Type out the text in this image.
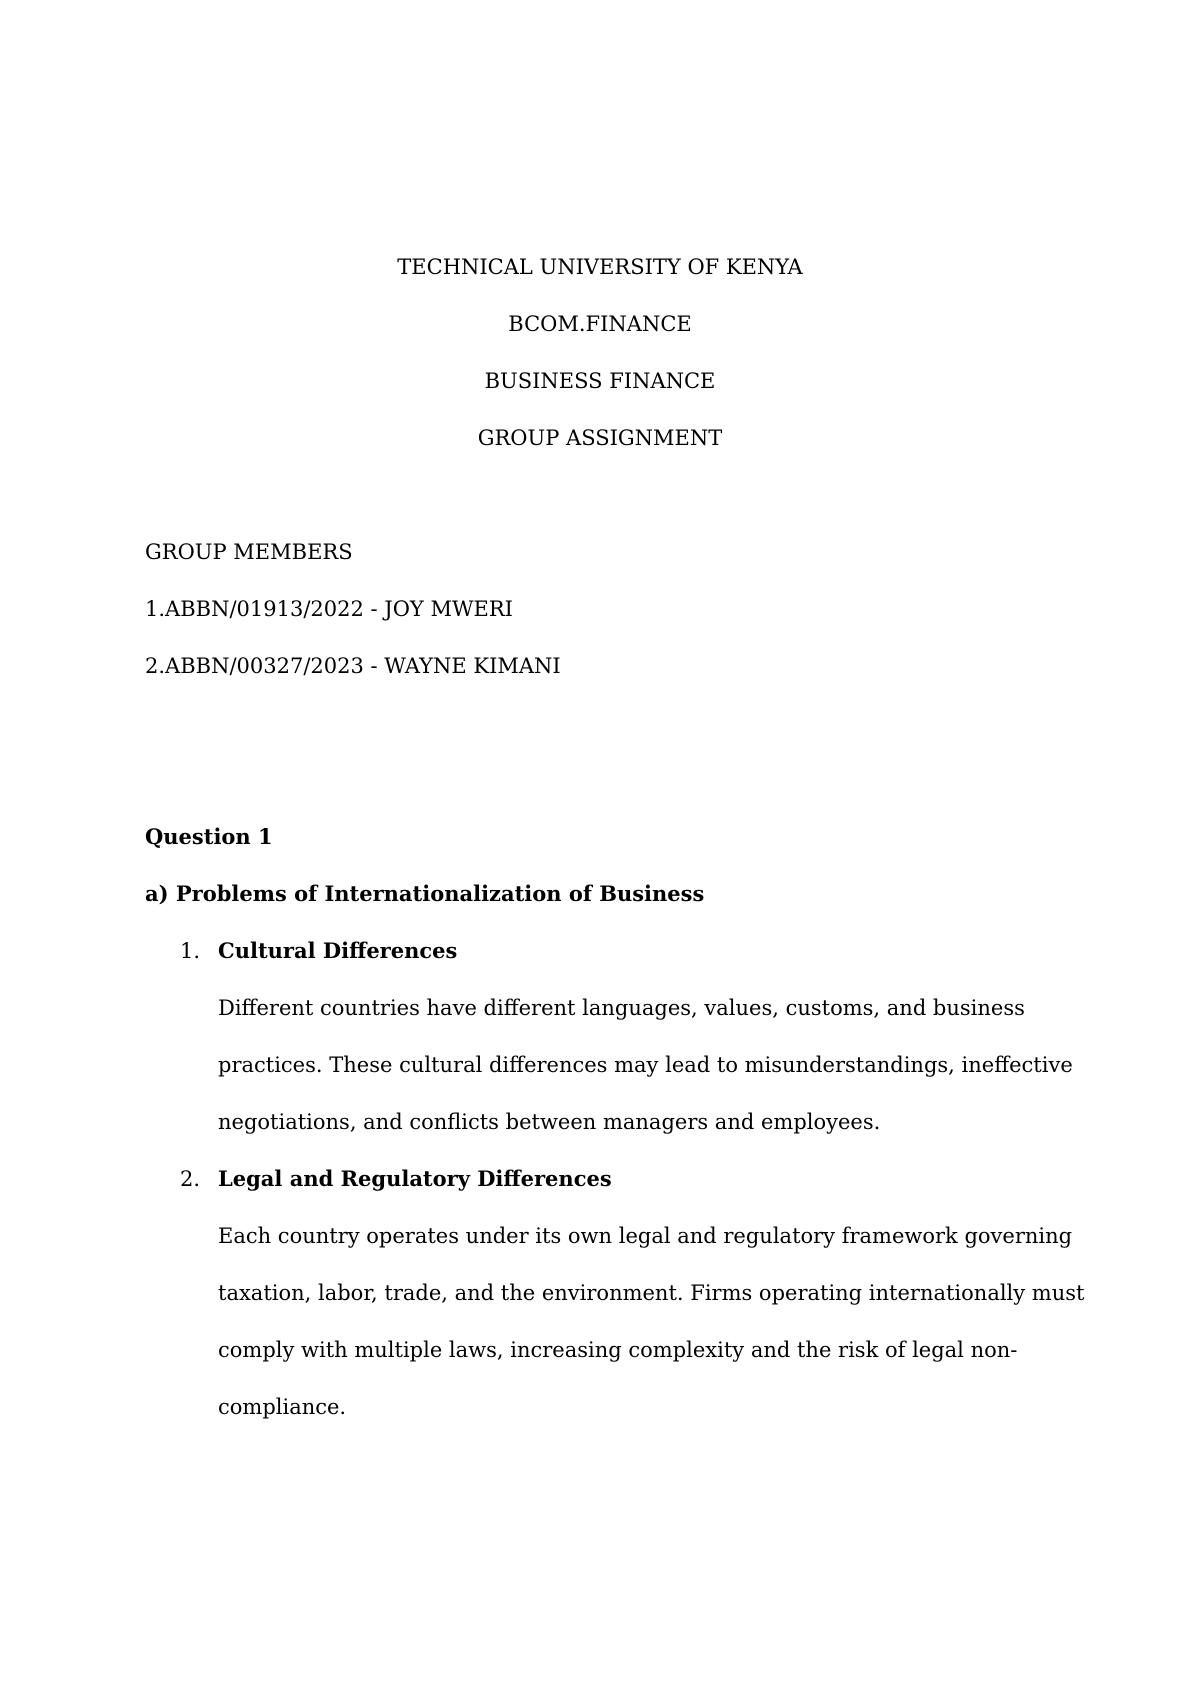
TECHNICAL UNIVERSITY OF KENYA

BCOM.FINANCE

BUSINESS FINANCE

GROUP ASSIGNMENT

GROUP MEMBERS

1.ABBN/01913/2022 - JOY MWERI

2.ABBN/00327/2023 - WAYNE KIMANI

Question 1

a) Problems of Internationalization of Business

1. Cultural Differences

Different countries have different languages, values, customs, and business

practices. These cultural differences may lead to misunderstandings, ineffective

negotiations, and conflicts between managers and employees.

2. Legal and Regulatory Differences

Each country operates under its own legal and regulatory framework governing

taxation, labor, trade, and the environment. Firms operating internationally must

comply with multiple laws, increasing complexity and the risk of legal non-

compliance.
